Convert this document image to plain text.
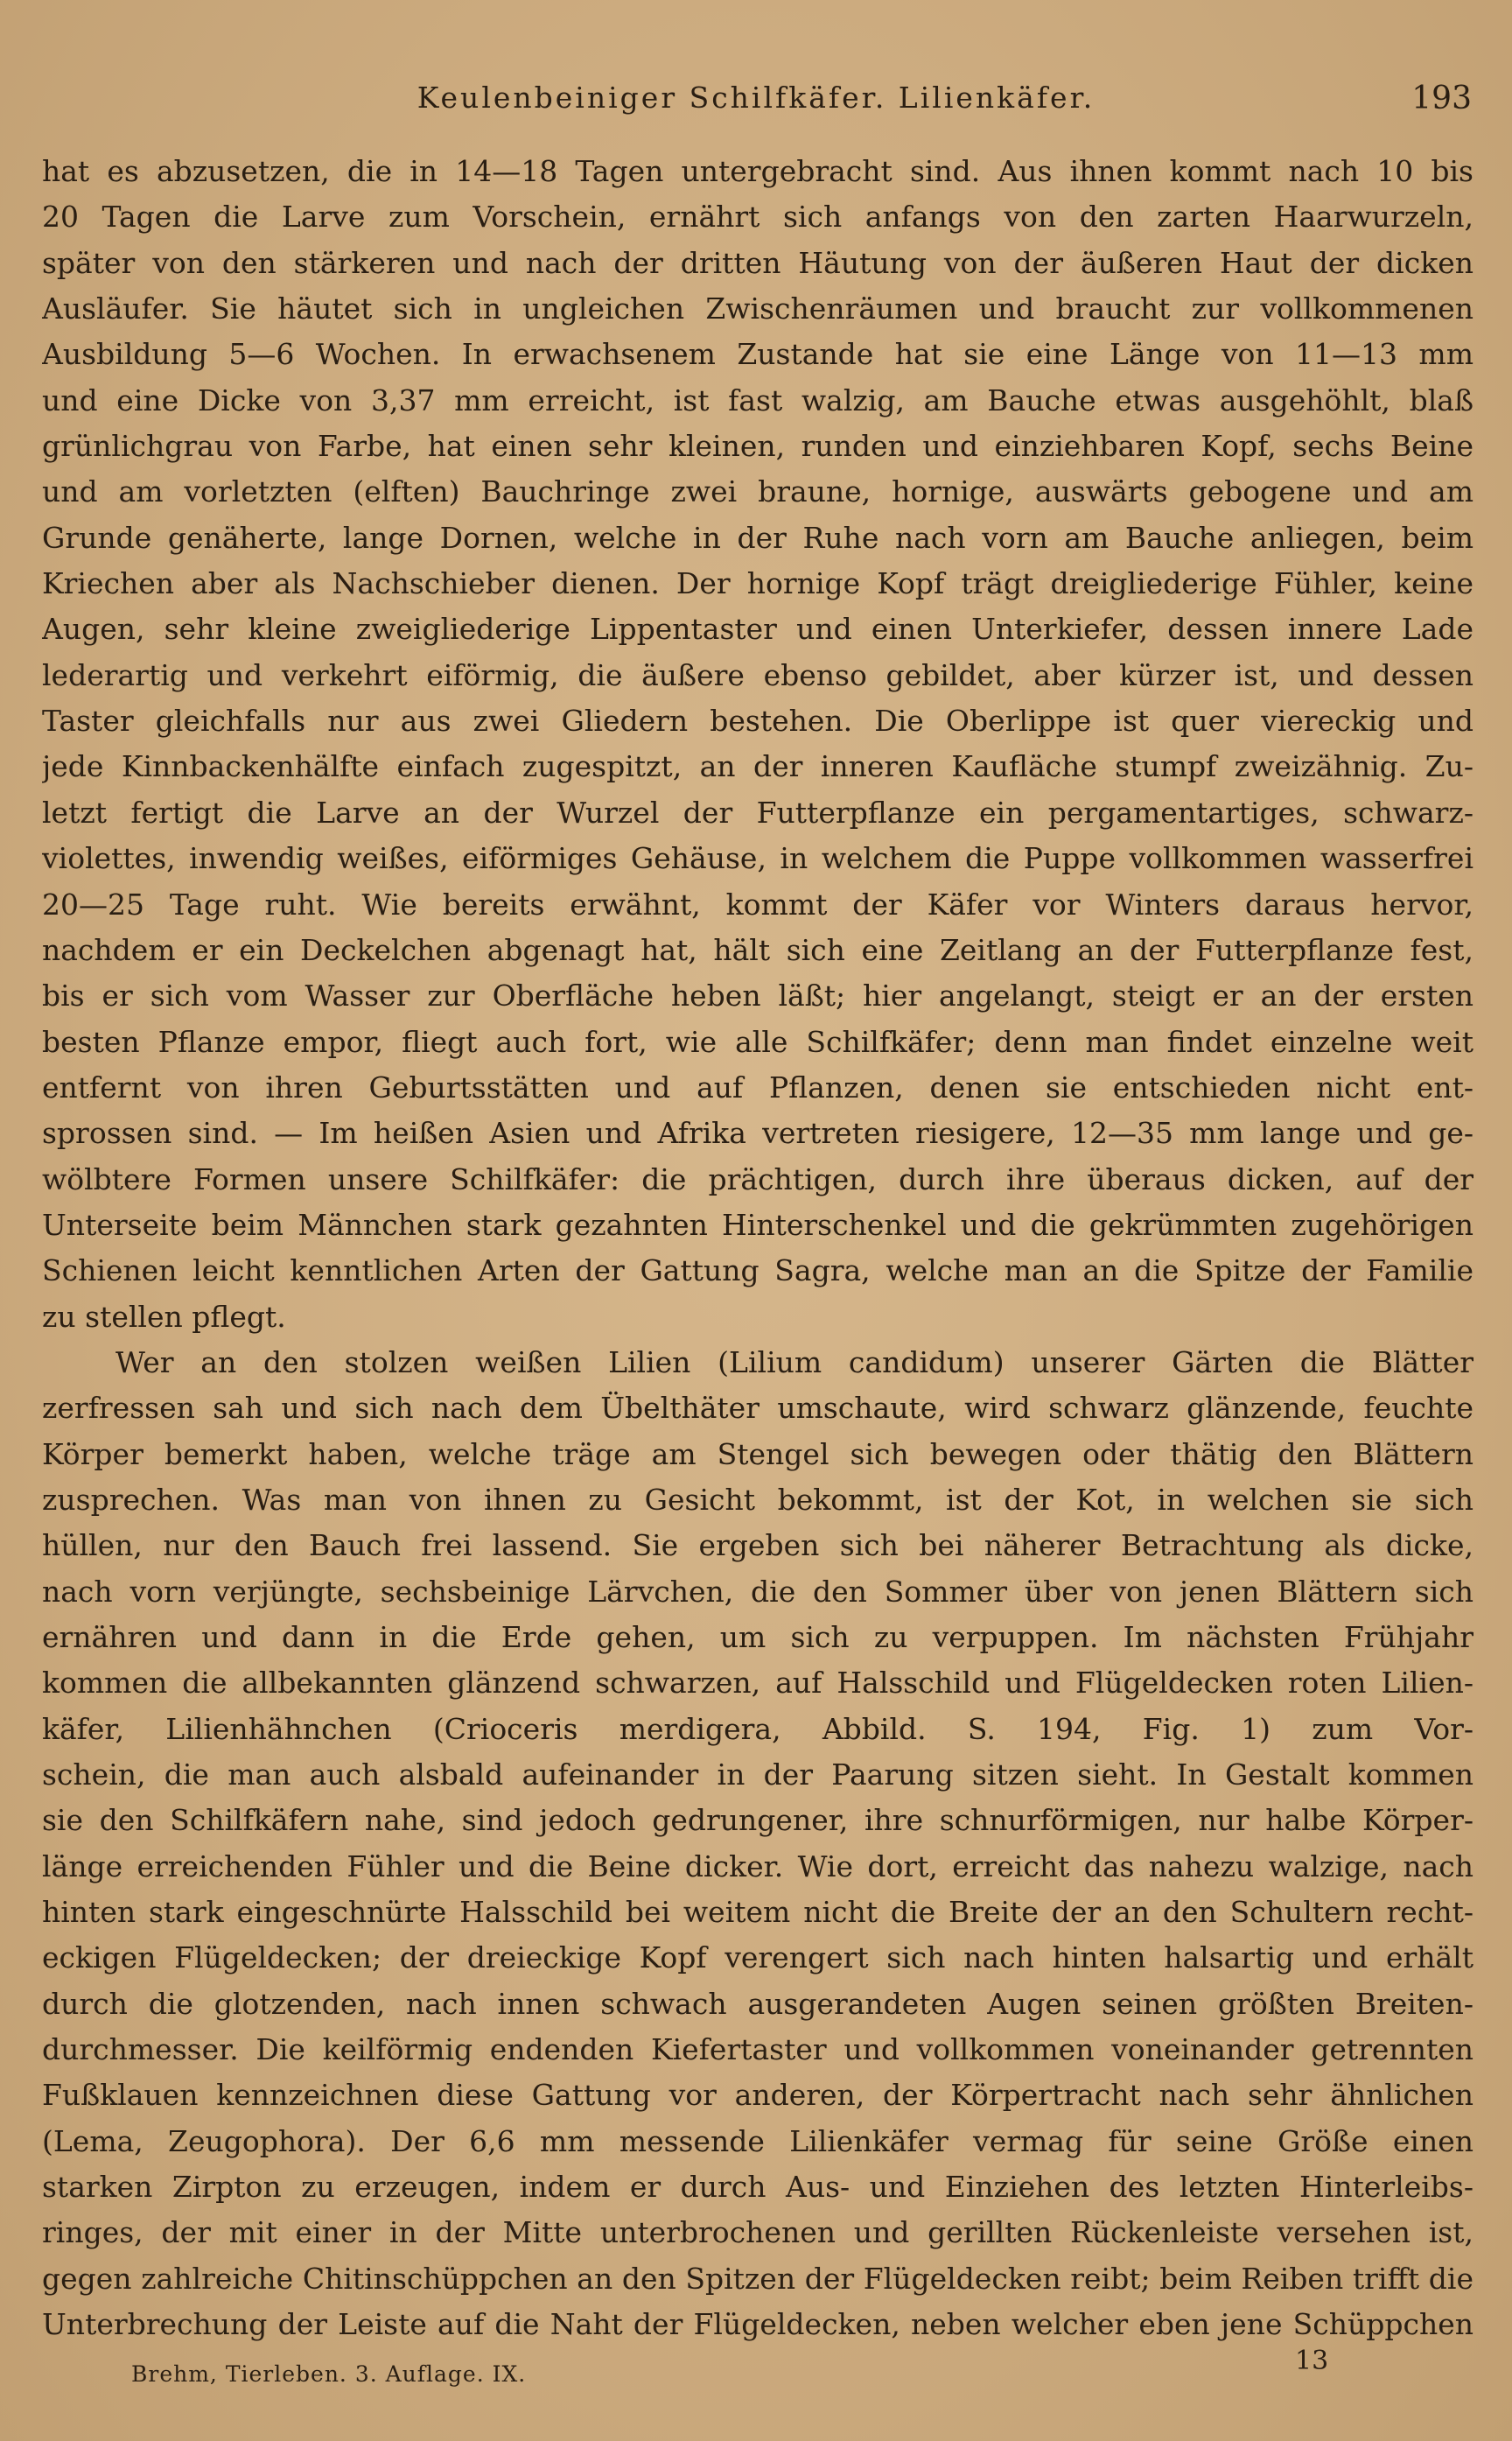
Keulenbeiniger Schilfkäfer. Lilienkäfer.	193
hat es abzusetzen, die in 14—18 Tagen untergebracht sind. Aus ihnen kommt nach 10 bis
20 Tagen die Larve zum Vorschein, ernährt sich anfangs von den zarten Haarwurzeln,
später von den stärkeren und nach der dritten Häutung von der äußeren Haut der dicken
Ausläufer. Sie häutet sich in ungleichen Zwischenräumen und braucht zur vollkommenen
Ausbildung 5—6 Wochen. In erwachsenem Zustande hat sie eine Länge von 11—13 mm
und eine Dicke von 3,37 mm erreicht, ist fast walzig, am Bauche etwas ausgehöhlt, blaß
grünlichgrau von Farbe, hat einen sehr kleinen, runden und einziehbaren Kopf, sechs Beine
und am vorletzten (elften) Bauchringe zwei braune, hornige, auswärts gebogene und am
Grunde genäherte, lange Dornen, welche in der Ruhe nach vorn am Bauche anliegen, beim
Kriechen aber als Nachschieber dienen. Der hornige Kopf trägt dreigliederige Fühler, keine
Augen, sehr kleine zweigliederige Lippentaster und einen Unterkiefer, dessen innere Lade
lederartig und verkehrt eiförmig, die äußere ebenso gebildet, aber kürzer ist, und dessen
Taster gleichfalls nur aus zwei Gliedern bestehen. Die Oberlippe ist quer viereckig und
jede Kinnbackenhälfte einfach zugespitzt, an der inneren Kaufläche stumpf zweizähnig. Zu-
letzt fertigt die Larve an der Wurzel der Futterpflanze ein pergamentartiges, schwarz-
violettes, inwendig weißes, eiförmiges Gehäuse, in welchem die Puppe vollkommen wasserfrei
20—25 Tage ruht. Wie bereits erwähnt, kommt der Käfer vor Winters daraus hervor,
nachdem er ein Deckelchen abgenagt hat, hält sich eine Zeitlang an der Futterpflanze fest,
bis er sich vom Wasser zur Oberfläche heben läßt; hier angelangt, steigt er an der ersten
besten Pflanze empor, fliegt auch fort, wie alle Schilfkäfer; denn man findet einzelne weit
entfernt von ihren Geburtsstätten und auf Pflanzen, denen sie entschieden nicht ent-
sprossen sind. — Im heißen Asien und Afrika vertreten riesigere, 12—35 mm lange und ge-
wölbtere Formen unsere Schilfkäfer: die prächtigen, durch ihre überaus dicken, auf der
Unterseite beim Männchen stark gezahnten Hinterschenkel und die gekrümmten zugehörigen
Schienen leicht kenntlichen Arten der Gattung Sagra, welche man an die Spitze der Familie
zu stellen pflegt.
Wer an den stolzen weißen Lilien (Lilium candidum) unserer Gärten die Blätter
zerfressen sah und sich nach dem Übelthäter umschaute, wird schwarz glänzende, feuchte
Körper bemerkt haben, welche träge am Stengel sich bewegen oder thätig den Blättern
zusprechen. Was man von ihnen zu Gesicht bekommt, ist der Kot, in welchen sie sich
hüllen, nur den Bauch frei lassend. Sie ergeben sich bei näherer Betrachtung als dicke,
nach vorn verjüngte, sechsbeinige Lärvchen, die den Sommer über von jenen Blättern sich
ernähren und dann in die Erde gehen, um sich zu verpuppen. Im nächsten Frühjahr
kommen die allbekannten glänzend schwarzen, auf Halsschild und Flügeldecken roten Lilien-
käfer, Lilienhähnchen (Crioceris merdigera, Abbild. S. 194, Fig. 1) zum Vor-
schein, die man auch alsbald aufeinander in der Paarung sitzen sieht. In Gestalt kommen
sie den Schilfkäfern nahe, sind jedoch gedrungener, ihre schnurförmigen, nur halbe Körper-
länge erreichenden Fühler und die Beine dicker. Wie dort, erreicht das nahezu walzige, nach
hinten stark eingeschnürte Halsschild bei weitem nicht die Breite der an den Schultern recht-
eckigen Flügeldecken; der dreieckige Kopf verengert sich nach hinten halsartig und erhält
durch die glotzenden, nach innen schwach ausgerandeten Augen seinen größten Breiten-
durchmesser. Die keilförmig endenden Kiefertaster und vollkommen voneinander getrennten
Fußklauen kennzeichnen diese Gattung vor anderen, der Körpertracht nach sehr ähnlichen
(Lema, Zeugophora). Der 6,6 mm messende Lilienkäfer vermag für seine Größe einen
starken Zirpton zu erzeugen, indem er durch Aus- und Einziehen des letzten Hinterleibs-
ringes, der mit einer in der Mitte unterbrochenen und gerillten Rückenleiste versehen ist,
gegen zahlreiche Chitinschüppchen an den Spitzen der Flügeldecken reibt; beim Reiben trifft die
Unterbrechung der Leiste auf die Naht der Flügeldecken, neben welcher eben jene Schüppchen
Brehm, Tierleben. 3. Auflage. IX.	13
